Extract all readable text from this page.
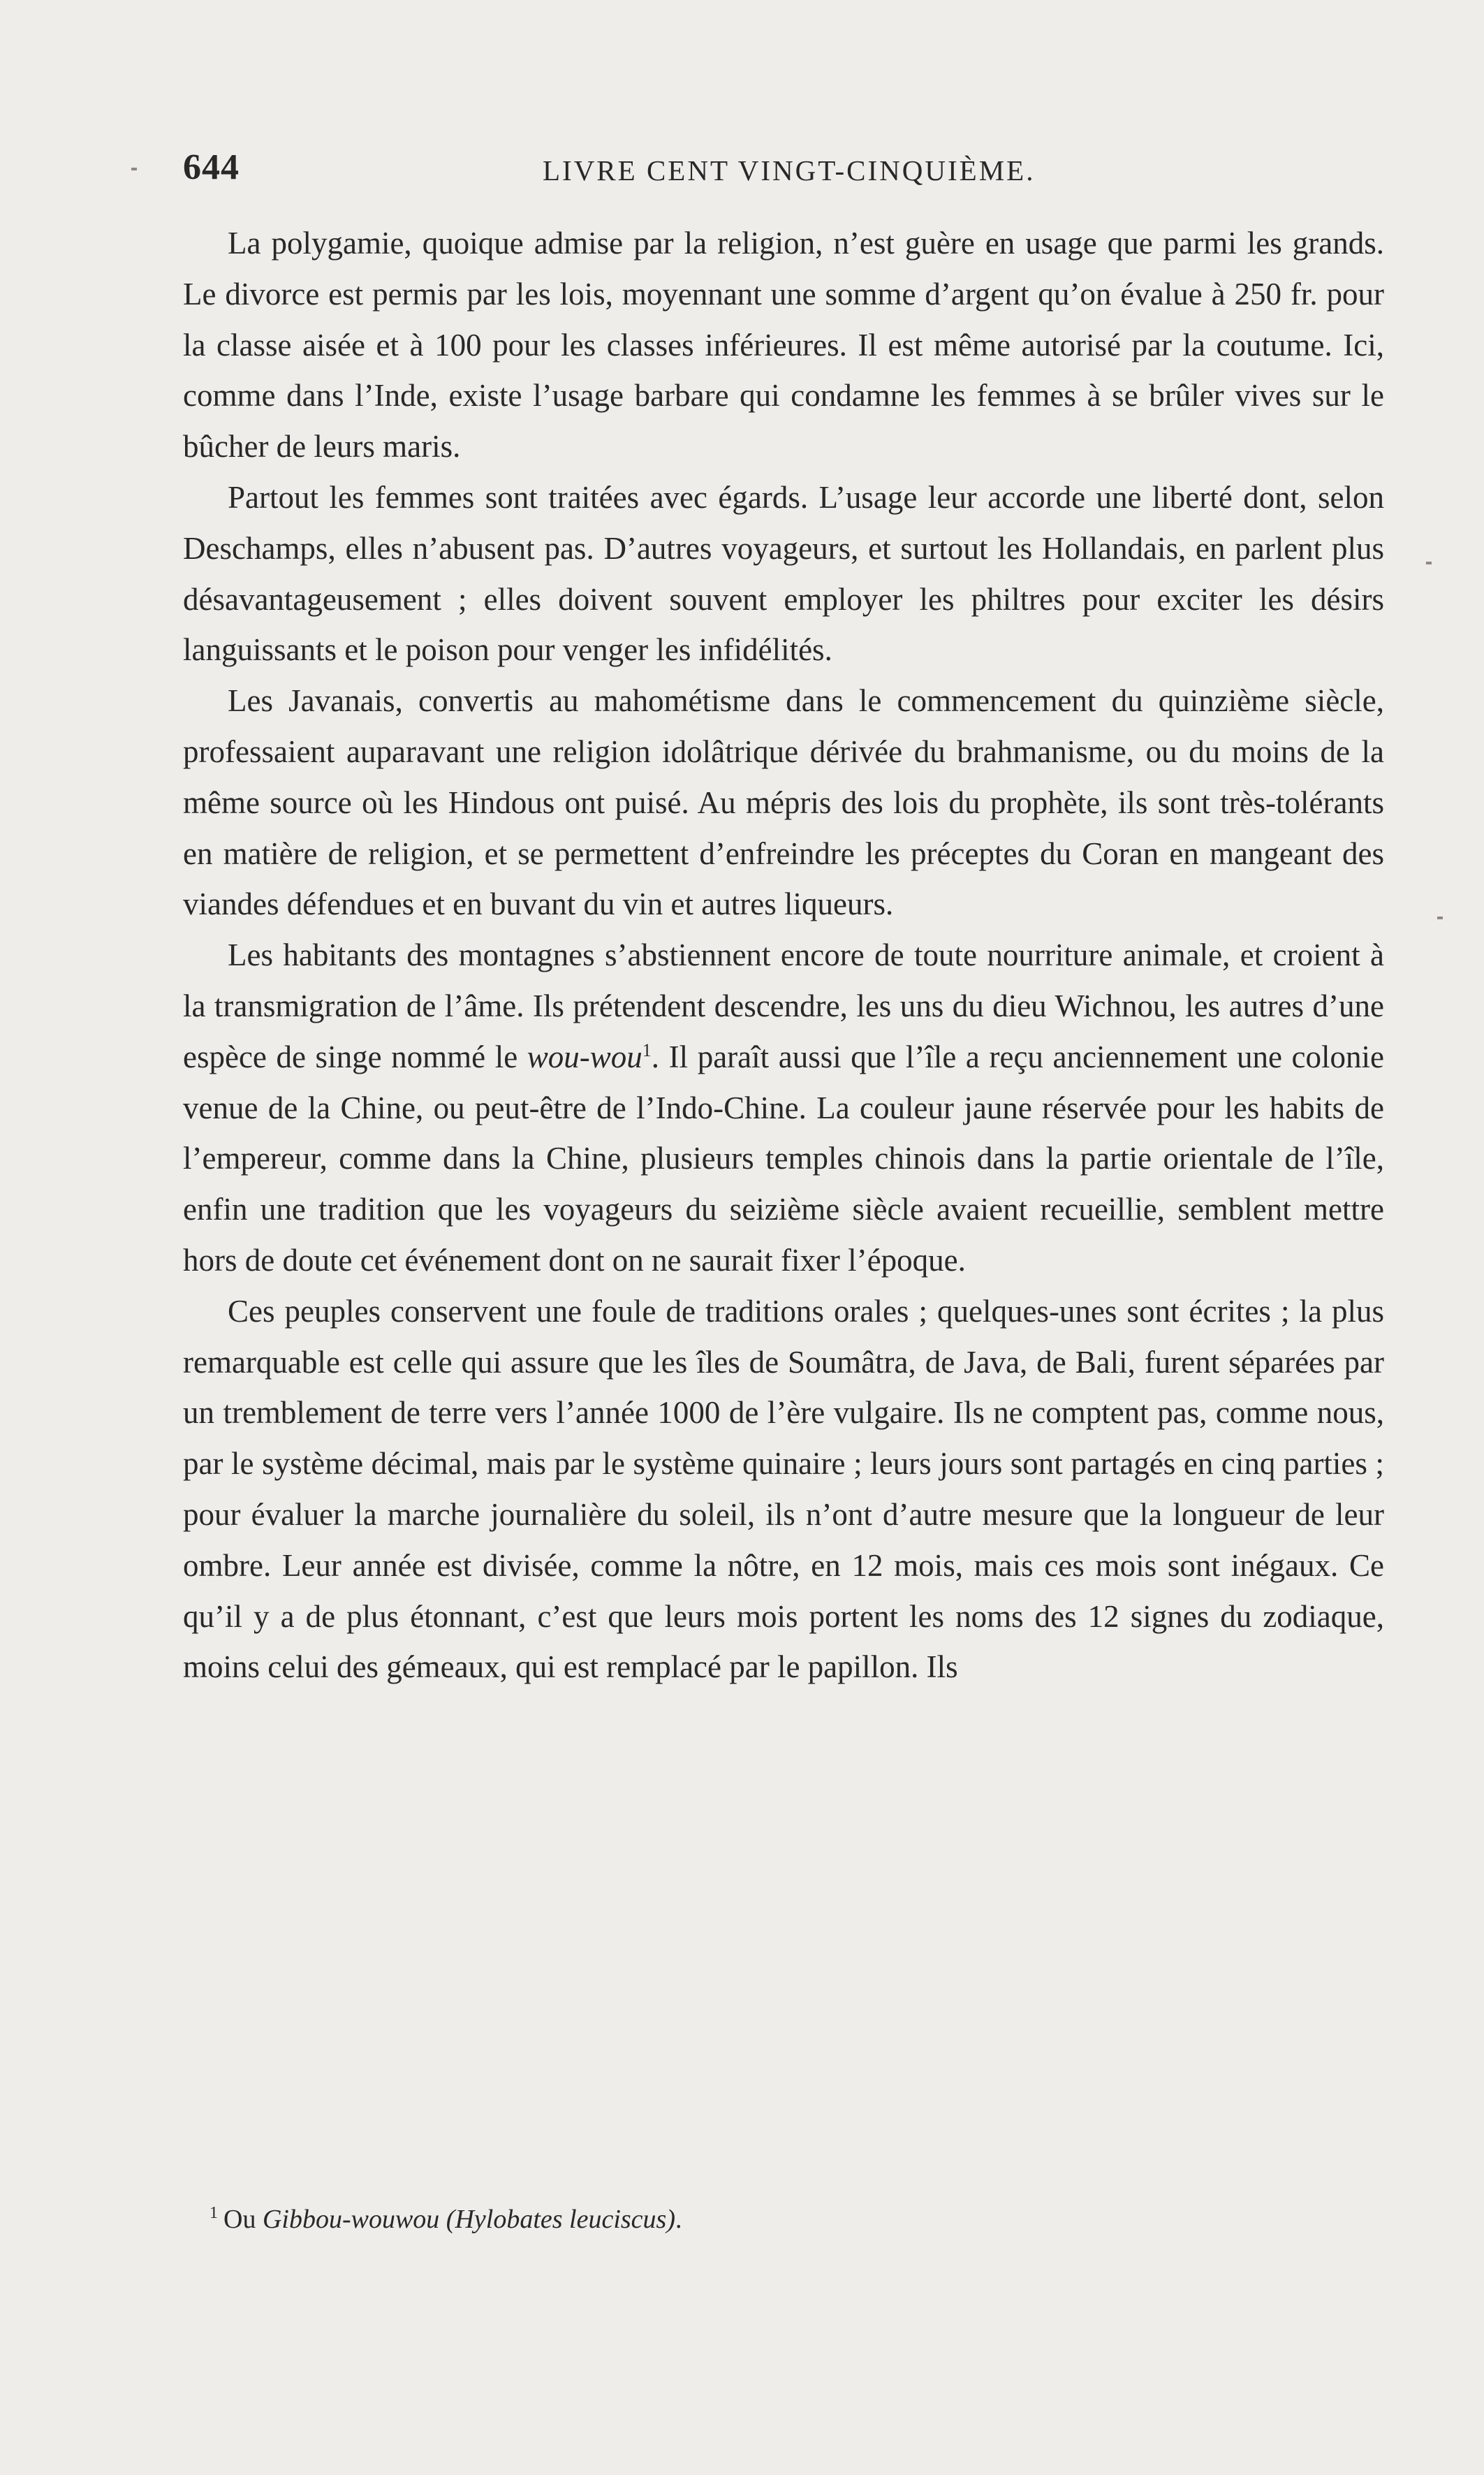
644	LIVRE CENT VINGT-CINQUIÈME.

La polygamie, quoique admise par la religion, n’est guère en usage que parmi les grands. Le divorce est permis par les lois, moyennant une somme d’argent qu’on évalue à 250 fr. pour la classe aisée et à 100 pour les classes inférieures. Il est même autorisé par la coutume. Ici, comme dans l’Inde, existe l’usage barbare qui condamne les femmes à se brûler vives sur le bûcher de leurs maris.

Partout les femmes sont traitées avec égards. L’usage leur accorde une liberté dont, selon Deschamps, elles n’abusent pas. D’autres voyageurs, et surtout les Hollandais, en parlent plus désavantageusement ; elles doivent souvent employer les philtres pour exciter les désirs languissants et le poison pour venger les infidélités.

Les Javanais, convertis au mahométisme dans le commencement du quinzième siècle, professaient auparavant une religion idolâtrique dérivée du brahmanisme, ou du moins de la même source où les Hindous ont puisé. Au mépris des lois du prophète, ils sont très-tolérants en matière de religion, et se permettent d’enfreindre les préceptes du Coran en mangeant des viandes défendues et en buvant du vin et autres liqueurs.

Les habitants des montagnes s’abstiennent encore de toute nourriture animale, et croient à la transmigration de l’âme. Ils prétendent descendre, les uns du dieu Wichnou, les autres d’une espèce de singe nommé le wou-wou$^1$. Il paraît aussi que l’île a reçu anciennement une colonie venue de la Chine, ou peut-être de l’Indo-Chine. La couleur jaune réservée pour les habits de l’empereur, comme dans la Chine, plusieurs temples chinois dans la partie orientale de l’île, enfin une tradition que les voyageurs du seizième siècle avaient recueillie, semblent mettre hors de doute cet événement dont on ne saurait fixer l’époque.

Ces peuples conservent une foule de traditions orales ; quelques-unes sont écrites ; la plus remarquable est celle qui assure que les îles de Soumâtra, de Java, de Bali, furent séparées par un tremblement de terre vers l’année 1000 de l’ère vulgaire. Ils ne comptent pas, comme nous, par le système décimal, mais par le système quinaire ; leurs jours sont partagés en cinq parties ; pour évaluer la marche journalière du soleil, ils n’ont d’autre mesure que la longueur de leur ombre. Leur année est divisée, comme la nôtre, en 12 mois, mais ces mois sont inégaux. Ce qu’il y a de plus étonnant, c’est que leurs mois portent les noms des 12 signes du zodiaque, moins celui des gémeaux, qui est remplacé par le papillon. Ils

$^1$ Ou Gibbou-wouwou (Hylobates leuciscus).
